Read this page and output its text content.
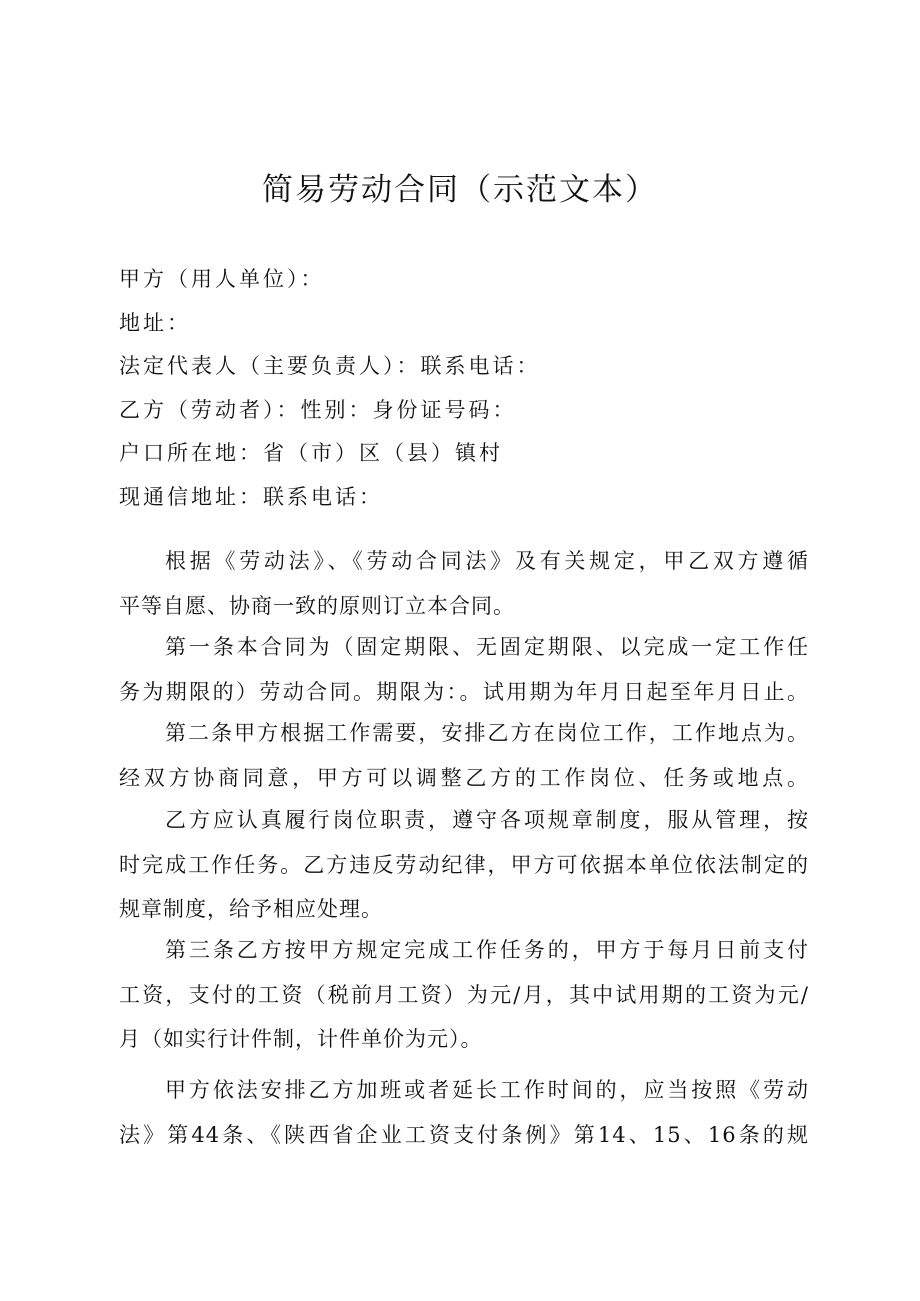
简易劳动合同（示范文本）
甲方（用人单位）：
地址：
法定代表人（主要负责人）：联系电话：
乙方（劳动者）：性别：身份证号码：
户口所在地：省（市）区（县）镇村
现通信地址：联系电话：
根据《劳动法》、《劳动合同法》及有关规定，甲乙双方遵循
平等自愿、协商一致的原则订立本合同。
第一条本合同为（固定期限、无固定期限、以完成一定工作任
务为期限的）劳动合同。期限为：。试用期为年月日起至年月日止。
第二条甲方根据工作需要，安排乙方在岗位工作，工作地点为。
经双方协商同意，甲方可以调整乙方的工作岗位、任务或地点。
乙方应认真履行岗位职责，遵守各项规章制度，服从管理，按
时完成工作任务。乙方违反劳动纪律，甲方可依据本单位依法制定的
规章制度，给予相应处理。
第三条乙方按甲方规定完成工作任务的，甲方于每月日前支付
工资，支付的工资（税前月工资）为元/月，其中试用期的工资为元/
月（如实行计件制，计件单价为元）。
甲方依法安排乙方加班或者延长工作时间的，应当按照《劳动
法》第44条、《陕西省企业工资支付条例》第14、15、16条的规
